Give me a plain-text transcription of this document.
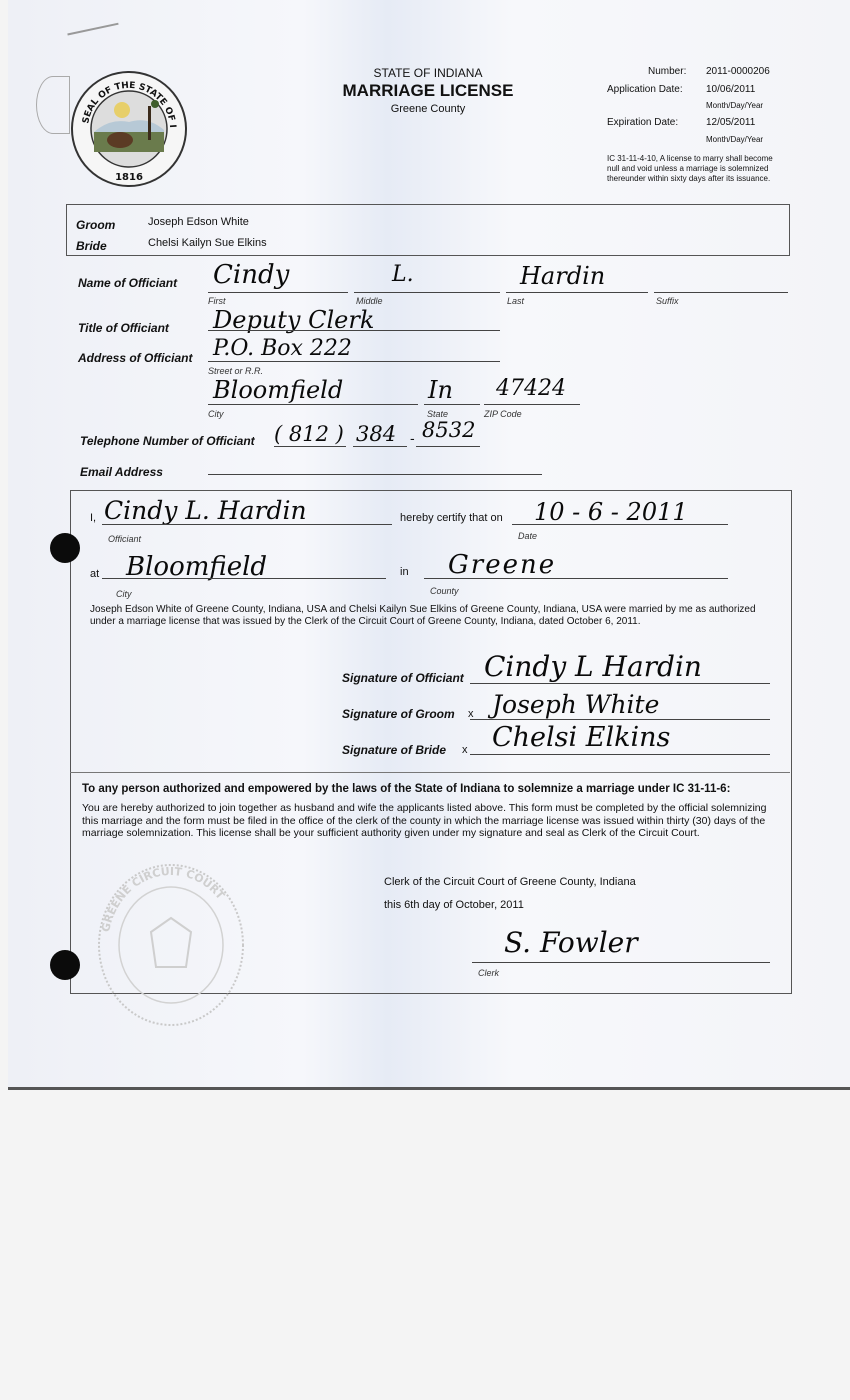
SEAL OF THE STATE OF I
1816
STATE OF INDIANA
MARRIAGE LICENSE
Greene County
Number: 2011-0000206
Application Date: 10/06/2011
Month/Day/Year
Expiration Date:	12/05/2011
Month/Day/Year
IC 31-11-4-10, A license to marry shall become null and void unless a marriage is solemnized thereunder within sixty days after its issuance.
Groom	Joseph Edson White
Bride	Chelsi Kailyn Sue Elkins
Name of Officiant Cindy	L.	Hardin
First	Middle	Last	Suffix
Title of Officiant Deputy Clerk
Address of Officiant P.O. Box 222
Street or R.R.
Bloomfield	In 47424
City	State	ZIP Code
Telephone Number of Officiant ( 812 ) 384 - 8532
Email Address
I, Cindy L. Hardin
Officiant
hereby certify that on 10 - 6 - 2011
Date
at Bloomfield
City
in Greene
County
Joseph Edson White of Greene County, Indiana, USA and Chelsi Kailyn Sue Elkins of Greene County, Indiana, USA were married by me as authorized under a marriage license that was issued by the Clerk of the Circuit Court of Greene County, Indiana, dated October 6, 2011.
Signature of Officiant Cindy L Hardin
Signature of Groom x Joseph White
Signature of Bride x Chelsi Elkins
To any person authorized and empowered by the laws of the State of Indiana to solemnize a marriage under IC 31-11-6:
You are hereby authorized to join together as husband and wife the applicants listed above. This form must be completed by the official solemnizing this marriage and the form must be filed in the office of the clerk of the county in which the marriage license was issued within thirty (30) days of the marriage solemnization. This license shall be your sufficient authority given under my signature and seal as Clerk of the Circuit Court.
Clerk of the Circuit Court of Greene County, Indiana
this 6th day of October, 2011
S. Fowler
Clerk
GREENE CIRCUIT COURT
